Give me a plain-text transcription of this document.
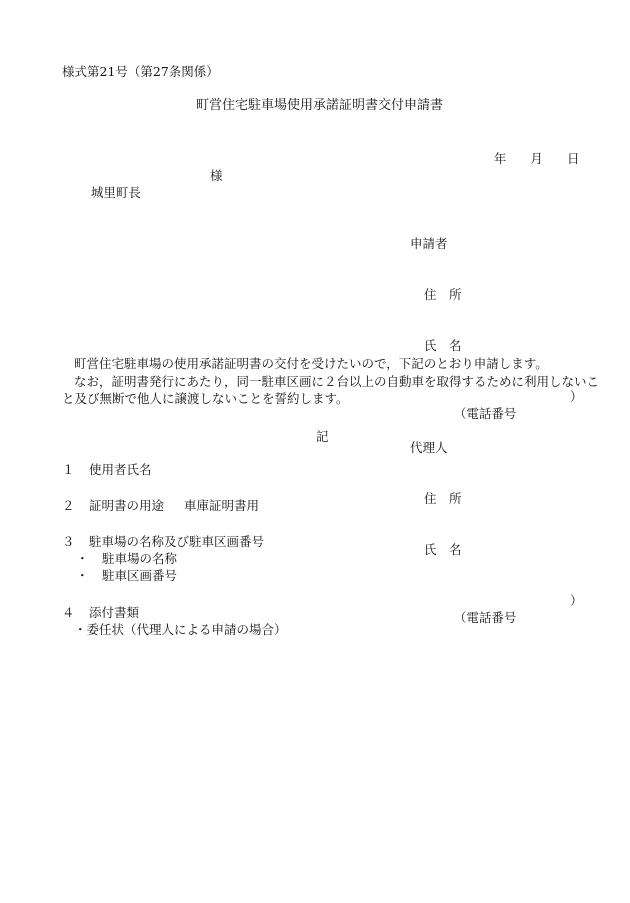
様式第21号（第27条関係）
町営住宅駐車場使用承諾証明書交付申請書

年 月 日

城里町長

様

申請者

住　所

氏　名

（電話番号

）

代理人

住　所

氏　名

（電話番号

）

町営住宅駐車場の使用承諾証明書の交付を受けたいので，下記のとおり申請します。

なお，証明書発行にあたり，同一駐車区画に２台以上の自動車を取得するために利用しないこと及び無断で他人に譲渡しないことを誓約します。

記
１ 使用者氏名
２ 証明書の用途 車庫証明書用
３ 駐車場の名称及び駐車区画番号
・ 駐車場の名称
・ 駐車区画番号
４ 添付書類
・委任状（代理人による申請の場合）
